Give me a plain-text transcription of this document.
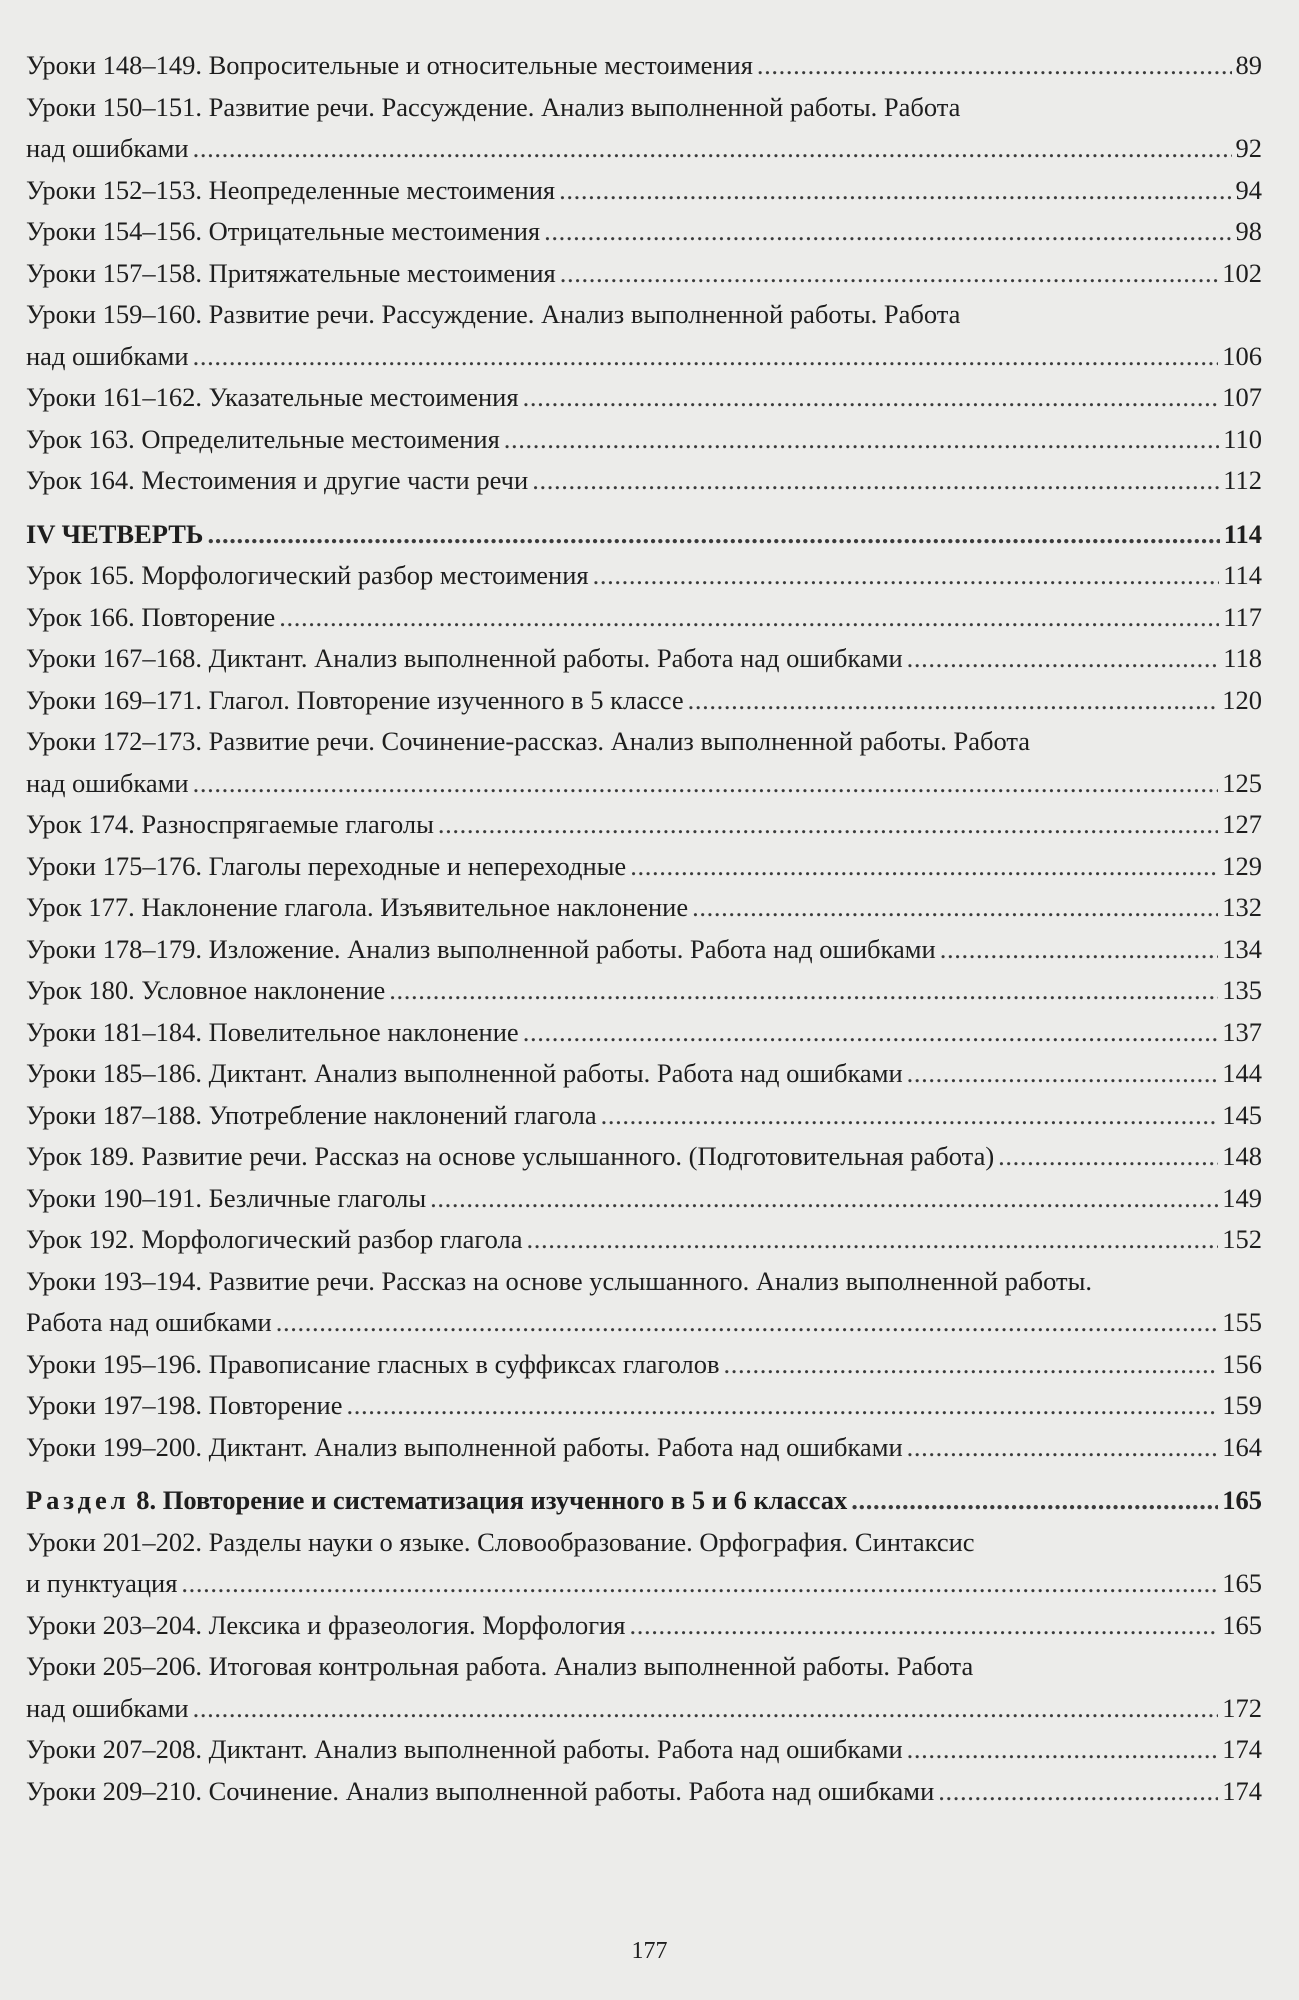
Уроки 148–149. Вопросительные и относительные местоимения . . .	89
Уроки 150–151. Развитие речи. Рассуждение. Анализ выполненной работы. Работа
над ошибками . . .	92
Уроки 152–153. Неопределенные местоимения . . .	94
Уроки 154–156. Отрицательные местоимения . . .	98
Уроки 157–158. Притяжательные местоимения . . .	102
Уроки 159–160. Развитие речи. Рассуждение. Анализ выполненной работы. Работа
над ошибками . . .	106
Уроки 161–162. Указательные местоимения . . .	107
Урок 163. Определительные местоимения . . .	110
Урок 164. Местоимения и другие части речи . . .	112
IV ЧЕТВЕРТЬ . . .	114
Урок 165. Морфологический разбор местоимения . . .	114
Урок 166. Повторение . . .	117
Уроки 167–168. Диктант. Анализ выполненной работы. Работа над ошибками . . .	118
Уроки 169–171. Глагол. Повторение изученного в 5 классе . . .	120
Уроки 172–173. Развитие речи. Сочинение-рассказ. Анализ выполненной работы. Работа
над ошибками . . .	125
Урок 174. Разноспрягаемые глаголы . . .	127
Уроки 175–176. Глаголы переходные и непереходные . . .	129
Урок 177. Наклонение глагола. Изъявительное наклонение . . .	132
Уроки 178–179. Изложение. Анализ выполненной работы. Работа над ошибками . . .	134
Урок 180. Условное наклонение . . .	135
Уроки 181–184. Повелительное наклонение . . .	137
Уроки 185–186. Диктант. Анализ выполненной работы. Работа над ошибками . . .	144
Уроки 187–188. Употребление наклонений глагола . . .	145
Урок 189. Развитие речи. Рассказ на основе услышанного. (Подготовительная работа) . . .	148
Уроки 190–191. Безличные глаголы . . .	149
Урок 192. Морфологический разбор глагола . . .	152
Уроки 193–194. Развитие речи. Рассказ на основе услышанного. Анализ выполненной работы.
Работа над ошибками . . .	155
Уроки 195–196. Правописание гласных в суффиксах глаголов . . .	156
Уроки 197–198. Повторение . . .	159
Уроки 199–200. Диктант. Анализ выполненной работы. Работа над ошибками . . .	164
Раздел 8. Повторение и систематизация изученного в 5 и 6 классах . . .	165
Уроки 201–202. Разделы науки о языке. Словообразование. Орфография. Синтаксис
и пунктуация . . .	165
Уроки 203–204. Лексика и фразеология. Морфология . . .	165
Уроки 205–206. Итоговая контрольная работа. Анализ выполненной работы. Работа
над ошибками . . .	172
Уроки 207–208. Диктант. Анализ выполненной работы. Работа над ошибками . . .	174
Уроки 209–210. Сочинение. Анализ выполненной работы. Работа над ошибками . . .	174
177
